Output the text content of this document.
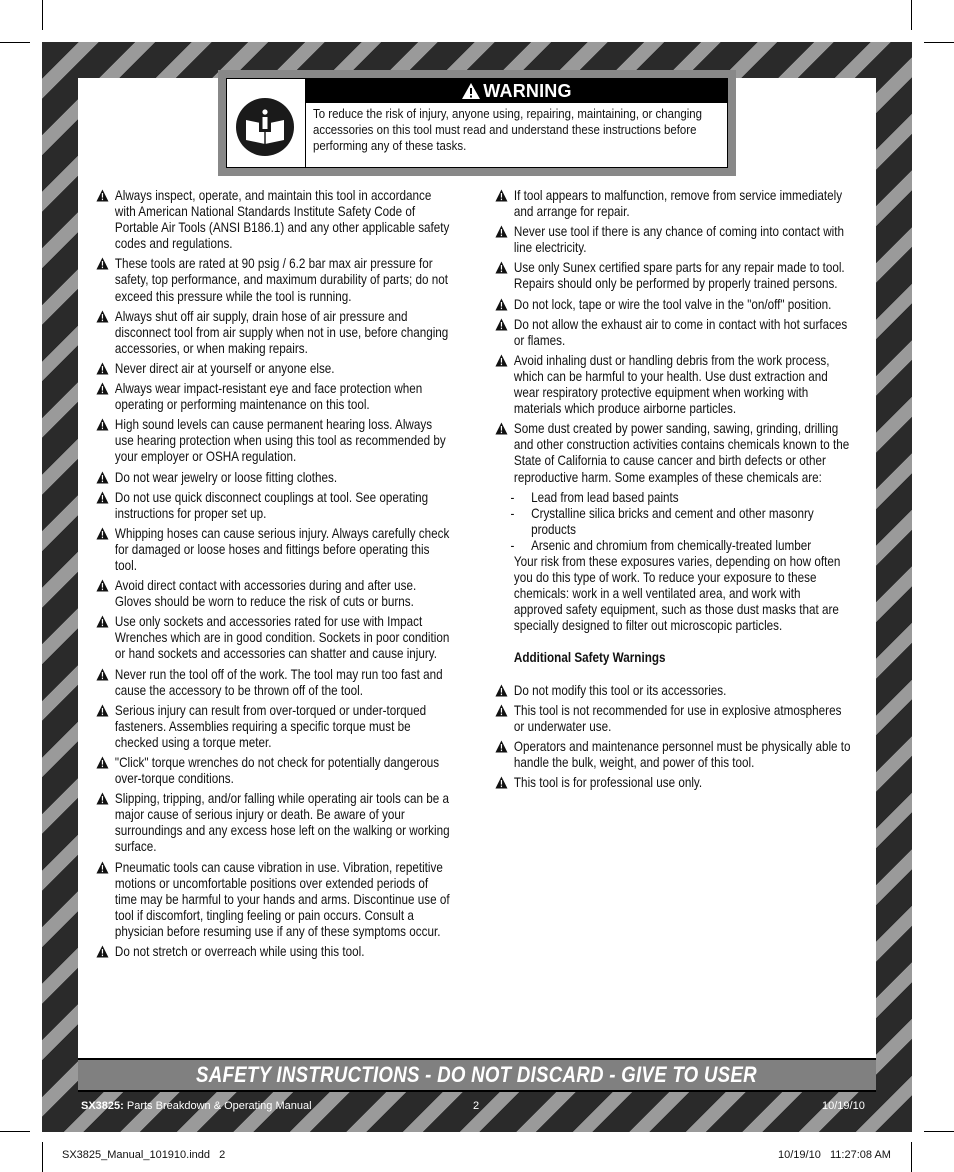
WARNING
To reduce the risk of injury, anyone using, repairing, maintaining, or changing accessories on this tool must read and understand these instructions before performing any of these tasks.
Always inspect, operate, and maintain this tool in accordance with American National Standards Institute Safety Code of Portable Air Tools (ANSI B186.1) and any other applicable safety codes and regulations.
These tools are rated at 90 psig / 6.2 bar max air pressure for safety, top performance, and maximum durability of parts; do not exceed this pressure while the tool is running.
Always shut off air supply, drain hose of air pressure and disconnect tool from air supply when not in use, before changing accessories, or when making repairs.
Never direct air at yourself or anyone else.
Always wear impact-resistant eye and face protection when operating or performing maintenance on this tool.
High sound levels can cause permanent hearing loss. Always use hearing protection when using this tool as recommended by your employer or OSHA regulation.
Do not wear jewelry or loose fitting clothes.
Do not use quick disconnect couplings at tool. See operating instructions for proper set up.
Whipping hoses can cause serious injury. Always carefully check for damaged or loose hoses and fittings before operating this tool.
Avoid direct contact with accessories during and after use. Gloves should be worn to reduce the risk of cuts or burns.
Use only sockets and accessories rated for use with Impact Wrenches which are in good condition. Sockets in poor condition or hand sockets and accessories can shatter and cause injury.
Never run the tool off of the work. The tool may run too fast and cause the accessory to be thrown off of the tool.
Serious injury can result from over-torqued or under-torqued fasteners. Assemblies requiring a specific torque must be checked using a torque meter.
"Click" torque wrenches do not check for potentially dangerous over-torque conditions.
Slipping, tripping, and/or falling while operating air tools can be a major cause of serious injury or death. Be aware of your surroundings and any excess hose left on the walking or working surface.
Pneumatic tools can cause vibration in use. Vibration, repetitive motions or uncomfortable positions over extended periods of time may be harmful to your hands and arms. Discontinue use of tool if discomfort, tingling feeling or pain occurs. Consult a physician before resuming use if any of these symptoms occur.
Do not stretch or overreach while using this tool.
If tool appears to malfunction, remove from service immediately and arrange for repair.
Never use tool if there is any chance of coming into contact with line electricity.
Use only Sunex certified spare parts for any repair made to tool. Repairs should only be performed by properly trained persons.
Do not lock, tape or wire the tool valve in the "on/off" position.
Do not allow the exhaust air to come in contact with hot surfaces or flames.
Avoid inhaling dust or handling debris from the work process, which can be harmful to your health. Use dust extraction and wear respiratory protective equipment when working with materials which produce airborne particles.
Some dust created by power sanding, sawing, grinding, drilling and other construction activities contains chemicals known to the State of California to cause cancer and birth defects or other reproductive harm. Some examples of these chemicals are:
- Lead from lead based paints
- Crystalline silica bricks and cement and other masonry products
- Arsenic and chromium from chemically-treated lumber
Your risk from these exposures varies, depending on how often you do this type of work. To reduce your exposure to these chemicals: work in a well ventilated area, and work with approved safety equipment, such as those dust masks that are specially designed to filter out microscopic particles.
Additional Safety Warnings
Do not modify this tool or its accessories.
This tool is not recommended for use in explosive atmospheres or underwater use.
Operators and maintenance personnel must be physically able to handle the bulk, weight, and power of this tool.
This tool is for professional use only.
SAFETY INSTRUCTIONS - DO NOT DISCARD - GIVE TO USER
SX3825: Parts Breakdown & Operating Manual	2	10/19/10
SX3825_Manual_101910.indd   2	10/19/10   11:27:08 AM
